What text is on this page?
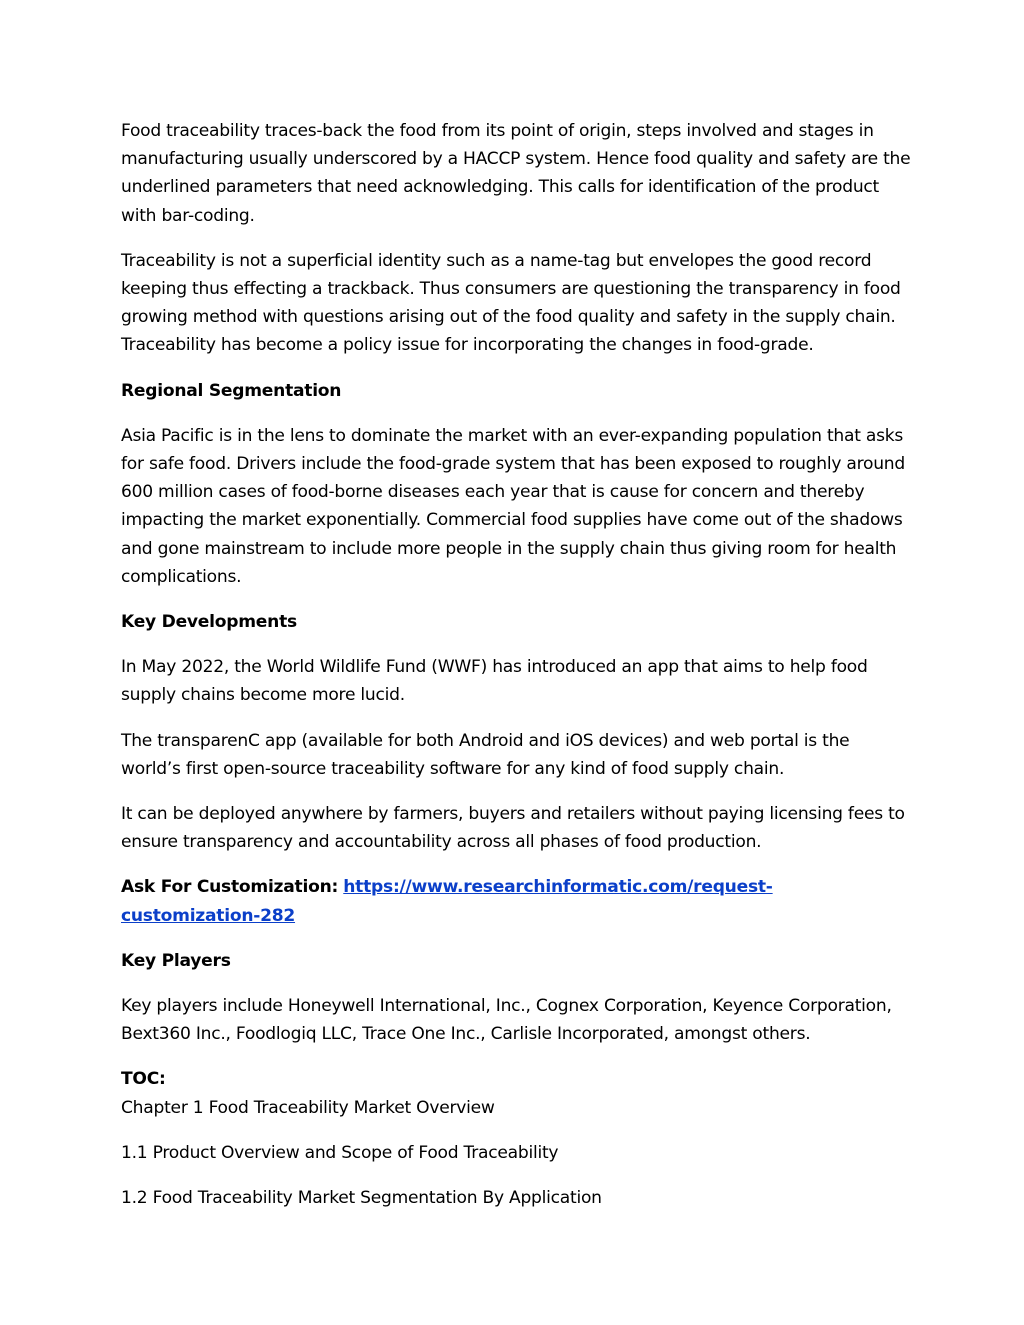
Food traceability traces-back the food from its point of origin, steps involved and stages in manufacturing usually underscored by a HACCP system. Hence food quality and safety are the underlined parameters that need acknowledging. This calls for identification of the product with bar-coding.

Traceability is not a superficial identity such as a name-tag but envelopes the good record keeping thus effecting a trackback. Thus consumers are questioning the transparency in food growing method with questions arising out of the food quality and safety in the supply chain. Traceability has become a policy issue for incorporating the changes in food-grade.

Regional Segmentation

Asia Pacific is in the lens to dominate the market with an ever-expanding population that asks for safe food. Drivers include the food-grade system that has been exposed to roughly around 600 million cases of food-borne diseases each year that is cause for concern and thereby impacting the market exponentially. Commercial food supplies have come out of the shadows and gone mainstream to include more people in the supply chain thus giving room for health complications.

Key Developments

In May 2022, the World Wildlife Fund (WWF) has introduced an app that aims to help food supply chains become more lucid.

The transparenC app (available for both Android and iOS devices) and web portal is the world’s first open-source traceability software for any kind of food supply chain.

It can be deployed anywhere by farmers, buyers and retailers without paying licensing fees to ensure transparency and accountability across all phases of food production.

Ask For Customization: https://www.researchinformatic.com/request-customization-282

Key Players

Key players include Honeywell International, Inc., Cognex Corporation, Keyence Corporation, Bext360 Inc., Foodlogiq LLC, Trace One Inc., Carlisle Incorporated, amongst others.

TOC:
Chapter 1 Food Traceability Market Overview

1.1 Product Overview and Scope of Food Traceability

1.2 Food Traceability Market Segmentation By Application
